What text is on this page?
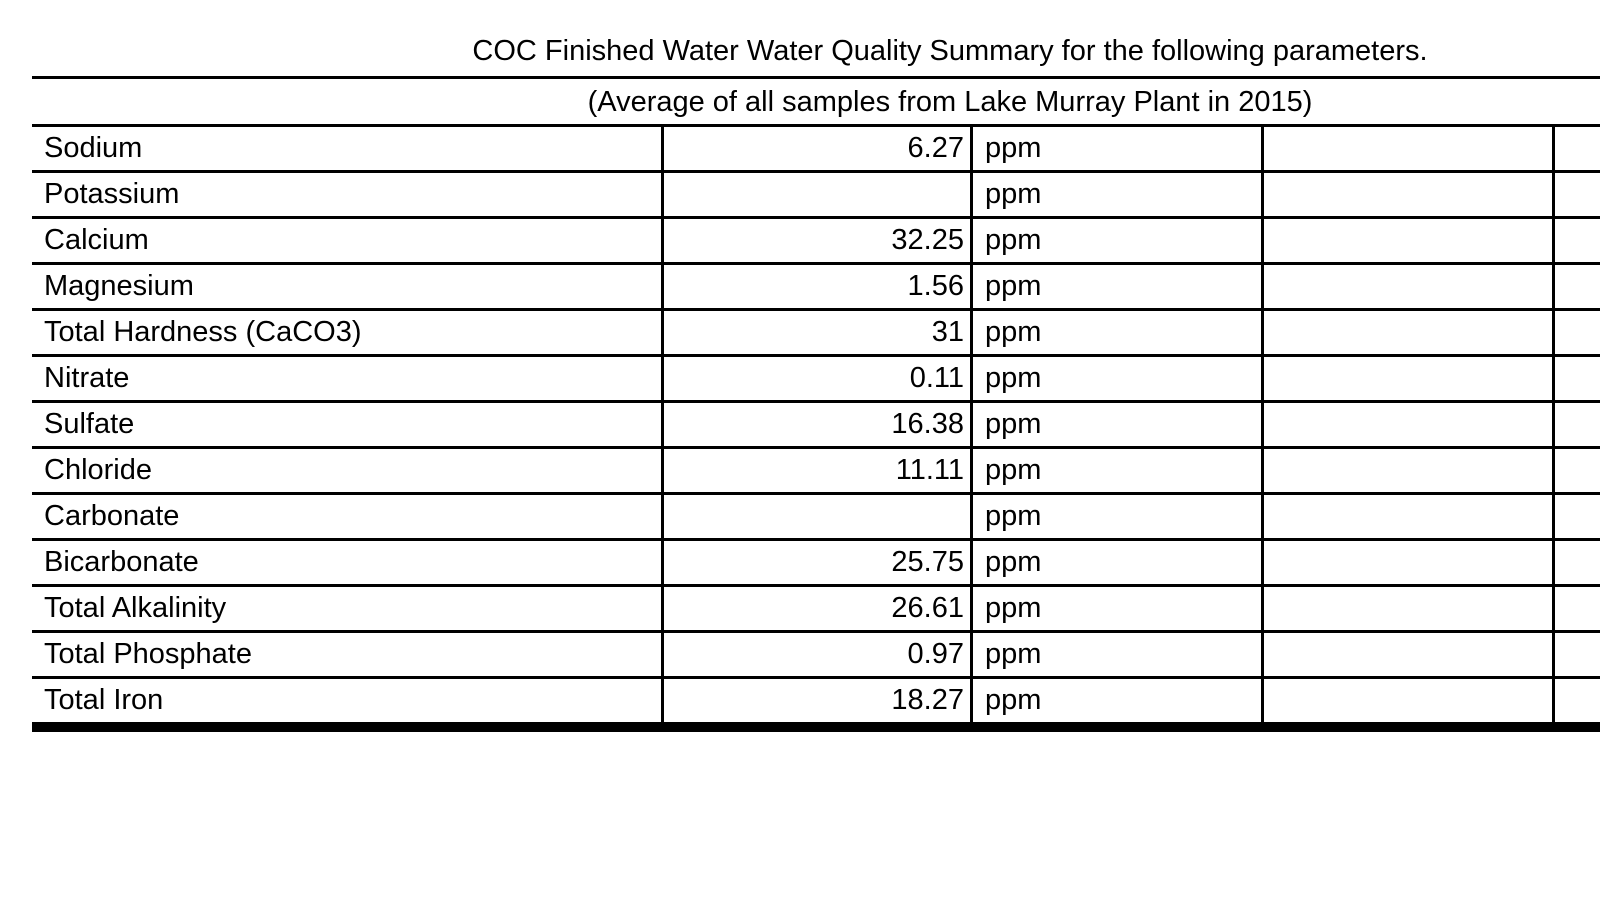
COC Finished Water Water Quality Summary for the following parameters.
(Average of all samples from Lake Murray Plant in 2015)
Sodium	6.27	ppm		
Potassium		ppm		
Calcium	32.25	ppm		
Magnesium	1.56	ppm		
Total Hardness (CaCO3)	31	ppm		
Nitrate	0.11	ppm		
Sulfate	16.38	ppm		
Chloride	11.11	ppm		
Carbonate		ppm		
Bicarbonate	25.75	ppm		
Total Alkalinity	26.61	ppm		
Total Phosphate	0.97	ppm		
Total Iron	18.27	ppm		
